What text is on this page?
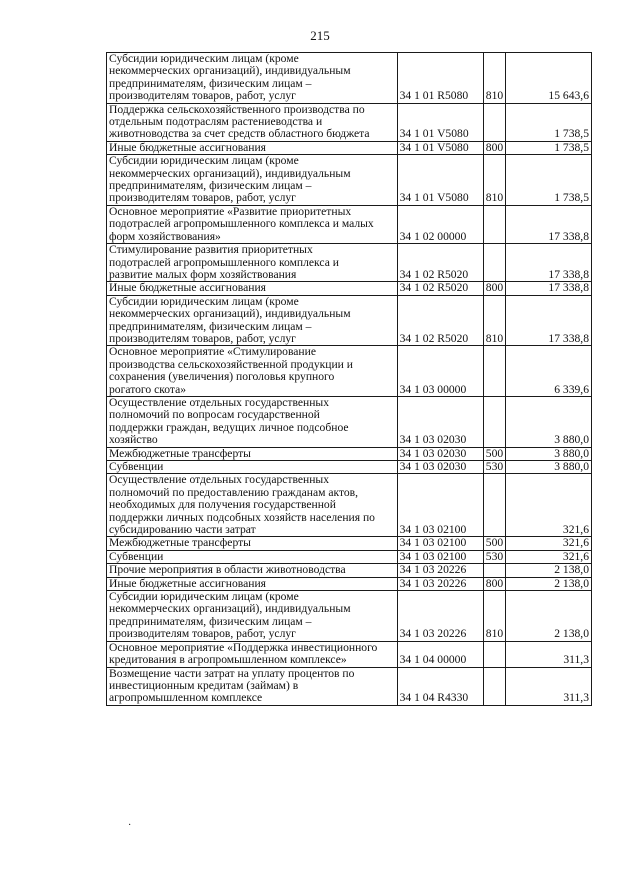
215
Субсидии юридическим лицам (кроме
некоммерческих организаций), индивидуальным
предпринимателям, физическим лицам –
производителям товаров, работ, услуг	34 1 01 R5080	810	15 643,6

Поддержка сельскохозяйственного производства по
отдельным подотраслям растениеводства и
животноводства за счет средств областного бюджета	34 1 01 V5080		1 738,5

Иные бюджетные ассигнования	34 1 01 V5080	800	1 738,5

Субсидии юридическим лицам (кроме
некоммерческих организаций), индивидуальным
предпринимателям, физическим лицам –
производителям товаров, работ, услуг	34 1 01 V5080	810	1 738,5

Основное мероприятие «Развитие приоритетных
подотраслей агропромышленного комплекса и малых
форм хозяйствования»	34 1 02 00000		17 338,8

Стимулирование развития приоритетных
подотраслей агропромышленного комплекса и
развитие малых форм хозяйствования	34 1 02 R5020		17 338,8

Иные бюджетные ассигнования	34 1 02 R5020	800	17 338,8

Субсидии юридическим лицам (кроме
некоммерческих организаций), индивидуальным
предпринимателям, физическим лицам –
производителям товаров, работ, услуг	34 1 02 R5020	810	17 338,8

Основное мероприятие «Стимулирование
производства сельскохозяйственной продукции и
сохранения (увеличения) поголовья крупного
рогатого скота»	34 1 03 00000		6 339,6

Осуществление отдельных государственных
полномочий по вопросам государственной
поддержки граждан, ведущих личное подсобное
хозяйство	34 1 03 02030		3 880,0

Межбюджетные трансферты	34 1 03 02030	500	3 880,0

Субвенции	34 1 03 02030	530	3 880,0

Осуществление отдельных государственных
полномочий по предоставлению гражданам актов,
необходимых для получения государственной
поддержки личных подсобных хозяйств населения по
субсидированию части затрат	34 1 03 02100		321,6

Межбюджетные трансферты	34 1 03 02100	500	321,6

Субвенции	34 1 03 02100	530	321,6

Прочие мероприятия в области животноводства	34 1 03 20226		2 138,0

Иные бюджетные ассигнования	34 1 03 20226	800	2 138,0

Субсидии юридическим лицам (кроме
некоммерческих организаций), индивидуальным
предпринимателям, физическим лицам –
производителям товаров, работ, услуг	34 1 03 20226	810	2 138,0

Основное мероприятие «Поддержка инвестиционного
кредитования в агропромышленном комплексе»	34 1 04 00000		311,3

Возмещение части затрат на уплату процентов по
инвестиционным кредитам (займам) в
агропромышленном комплексе	34 1 04 R4330		311,3
·
